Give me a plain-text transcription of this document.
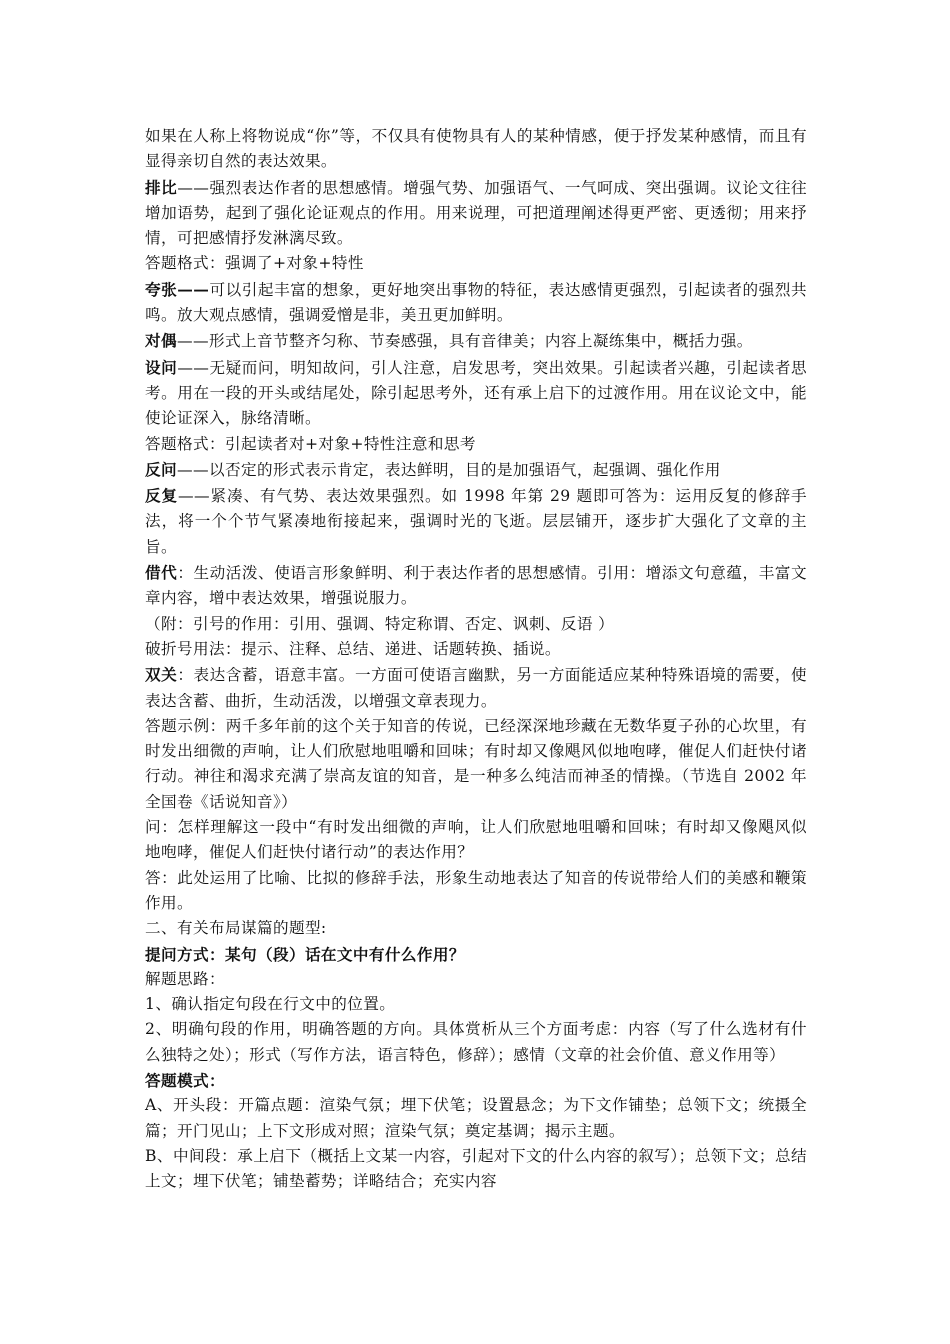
如果在人称上将物说成“你”等，不仅具有使物具有人的某种情感，便于抒发某种感情，而且有显得亲切自然的表达效果。

排比——强烈表达作者的思想感情。增强气势、加强语气、一气呵成、突出强调。议论文往往增加语势，起到了强化论证观点的作用。用来说理，可把道理阐述得更严密、更透彻；用来抒情，可把感情抒发淋漓尽致。

答题格式：强调了+对象+特性

夸张——可以引起丰富的想象，更好地突出事物的特征，表达感情更强烈，引起读者的强烈共鸣。放大观点感情，强调爱憎是非，美丑更加鲜明。

对偶——形式上音节整齐匀称、节奏感强，具有音律美；内容上凝练集中，概括力强。

设问——无疑而问，明知故问，引人注意，启发思考，突出效果。引起读者兴趣，引起读者思考。用在一段的开头或结尾处，除引起思考外，还有承上启下的过渡作用。用在议论文中，能使论证深入，脉络清晰。

答题格式：引起读者对+对象+特性注意和思考

反问——以否定的形式表示肯定，表达鲜明，目的是加强语气，起强调、强化作用

反复——紧凑、有气势、表达效果强烈。如 1998 年第 29 题即可答为：运用反复的修辞手法，将一个个节气紧凑地衔接起来，强调时光的飞逝。层层铺开，逐步扩大强化了文章的主旨。

借代：生动活泼、使语言形象鲜明、利于表达作者的思想感情。引用：增添文句意蕴，丰富文章内容，增中表达效果，增强说服力。

（附：引号的作用：引用、强调、特定称谓、否定、讽刺、反语 ）

破折号用法：提示、注释、总结、递进、话题转换、插说。

双关：表达含蓄，语意丰富。一方面可使语言幽默，另一方面能适应某种特殊语境的需要，使表达含蓄、曲折，生动活泼，以增强文章表现力。

答题示例：两千多年前的这个关于知音的传说，已经深深地珍藏在无数华夏子孙的心坎里，有时发出细微的声响，让人们欣慰地咀嚼和回味；有时却又像飓风似地咆哮，催促人们赶快付诸行动。神往和渴求充满了崇高友谊的知音，是一种多么纯洁而神圣的情操。（节选自 2002 年全国卷《话说知音》）

问：怎样理解这一段中“有时发出细微的声响，让人们欣慰地咀嚼和回味；有时却又像飓风似地咆哮，催促人们赶快付诸行动”的表达作用？

答：此处运用了比喻、比拟的修辞手法，形象生动地表达了知音的传说带给人们的美感和鞭策作用。

二、有关布局谋篇的题型:

提问方式：某句（段）话在文中有什么作用？

解题思路：

1、确认指定句段在行文中的位置。

2、明确句段的作用，明确答题的方向。具体赏析从三个方面考虑：内容（写了什么选材有什么独特之处）；形式（写作方法，语言特色，修辞）；感情（文章的社会价值、意义作用等）

答题模式：

A、开头段：开篇点题：渲染气氛；埋下伏笔；设置悬念；为下文作铺垫；总领下文；统摄全篇；开门见山；上下文形成对照；渲染气氛；奠定基调；揭示主题。

B、中间段：承上启下（概括上文某一内容，引起对下文的什么内容的叙写）；总领下文；总结上文；埋下伏笔；铺垫蓄势；详略结合；充实内容
